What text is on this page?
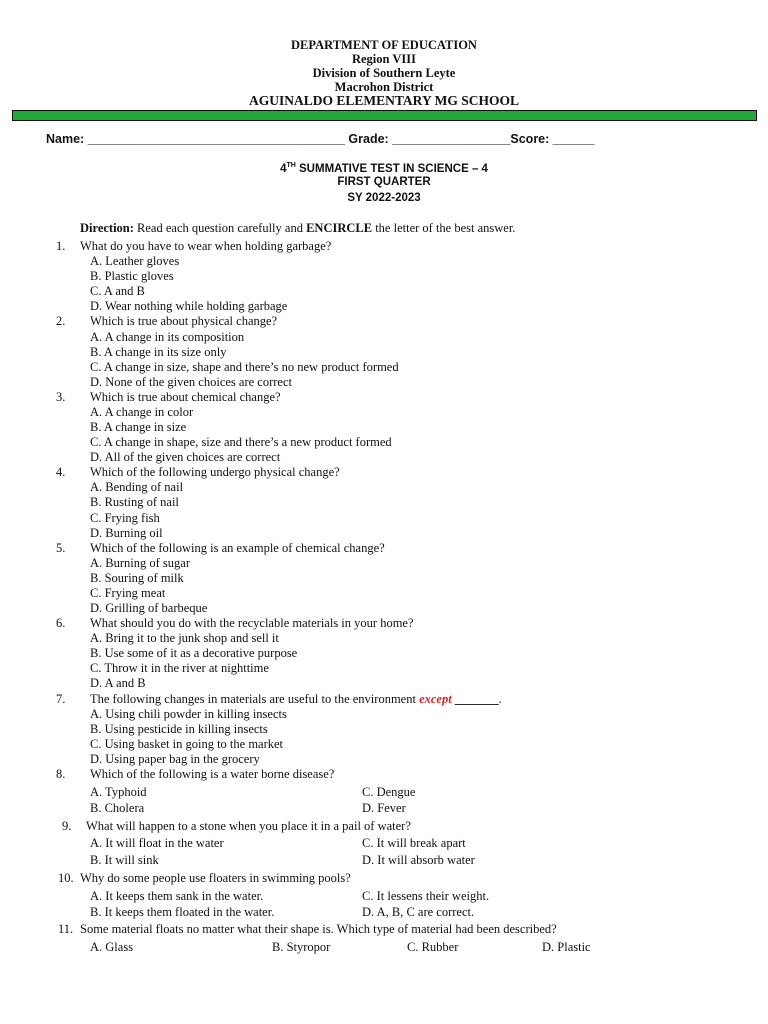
DEPARTMENT OF EDUCATION
Region VIII
Division of Southern Leyte
Macrohon District
AGUINALDO ELEMENTARY MG SCHOOL
Name: _____________________________________ Grade: _________________Score: ______
4TH SUMMATIVE TEST IN SCIENCE – 4
FIRST QUARTER
SY 2022-2023
Direction: Read each question carefully and ENCIRCLE the letter of the best answer.
1. What do you have to wear when holding garbage?
A. Leather gloves
B. Plastic gloves
C. A and B
D. Wear nothing while holding garbage
2. Which is true about physical change?
A. A change in its composition
B. A change in its size only
C. A change in size, shape and there’s no new product formed
D. None of the given choices are correct
3. Which is true about chemical change?
A. A change in color
B. A change in size
C. A change in shape, size and there’s a new product formed
D. All of the given choices are correct
4. Which of the following undergo physical change?
A. Bending of nail
B. Rusting of nail
C. Frying fish
D. Burning oil
5. Which of the following is an example of chemical change?
A. Burning of sugar
B. Souring of milk
C. Frying meat
D. Grilling of barbeque
6. What should you do with the recyclable materials in your home?
A. Bring it to the junk shop and sell it
B. Use some of it as a decorative purpose
C. Throw it in the river at nighttime
D. A and B
7. The following changes in materials are useful to the environment except _______.
A. Using chili powder in killing insects
B. Using pesticide in killing insects
C. Using basket in going to the market
D. Using paper bag in the grocery
8. Which of the following is a water borne disease?
A. Typhoid	C. Dengue
B. Cholera	D. Fever
9. What will happen to a stone when you place it in a pail of water?
A. It will float in the water	C. It will break apart
B. It will sink	D. It will absorb water
10. Why do some people use floaters in swimming pools?
A. It keeps them sank in the water.	C. It lessens their weight.
B. It keeps them floated in the water.	D. A, B, C are correct.
11. Some material floats no matter what their shape is. Which type of material had been described?
A. Glass	B. Styropor	C. Rubber	D. Plastic
